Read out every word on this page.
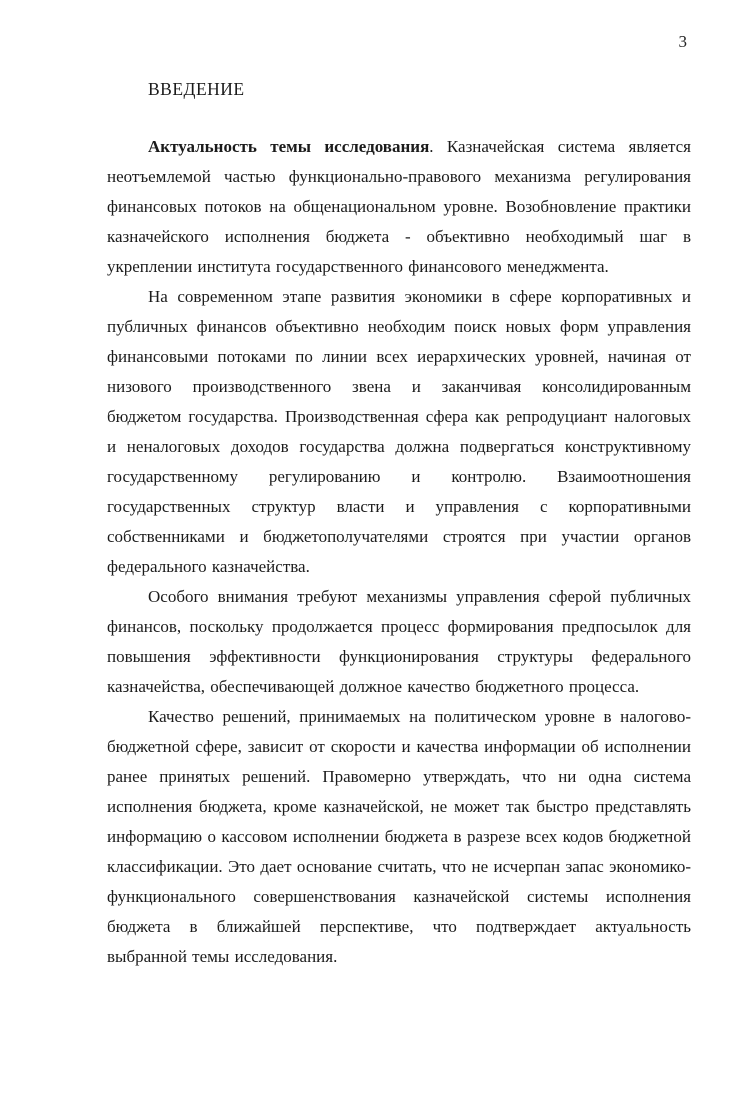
3
ВВЕДЕНИЕ

Актуальность темы исследования. Казначейская система является неотъемлемой частью функционально-правового механизма регулирования финансовых потоков на общенациональном уровне. Возобновление практики казначейского исполнения бюджета - объективно необходимый шаг в укреплении института государственного финансового менеджмента.

На современном этапе развития экономики в сфере корпоративных и публичных финансов объективно необходим поиск новых форм управления финансовыми потоками по линии всех иерархических уровней, начиная от низового производственного звена и заканчивая консолидированным бюджетом государства. Производственная сфера как репродуциант налоговых и неналоговых доходов государства должна подвергаться конструктивному государственному регулированию и контролю. Взаимоотношения государственных структур власти и управления с корпоративными собственниками и бюджетополучателями строятся при участии органов федерального казначейства.

Особого внимания требуют механизмы управления сферой публичных финансов, поскольку продолжается процесс формирования предпосылок для повышения эффективности функционирования структуры федерального казначейства, обеспечивающей должное качество бюджетного процесса.

Качество решений, принимаемых на политическом уровне в налогово-бюджетной сфере, зависит от скорости и качества информации об исполнении ранее принятых решений. Правомерно утверждать, что ни одна система исполнения бюджета, кроме казначейской, не может так быстро представлять информацию о кассовом исполнении бюджета в разрезе всех кодов бюджетной классификации. Это дает основание считать, что не исчерпан запас экономико-функционального совершенствования казначейской системы исполнения бюджета в ближайшей перспективе, что подтверждает актуальность выбранной темы исследования.
